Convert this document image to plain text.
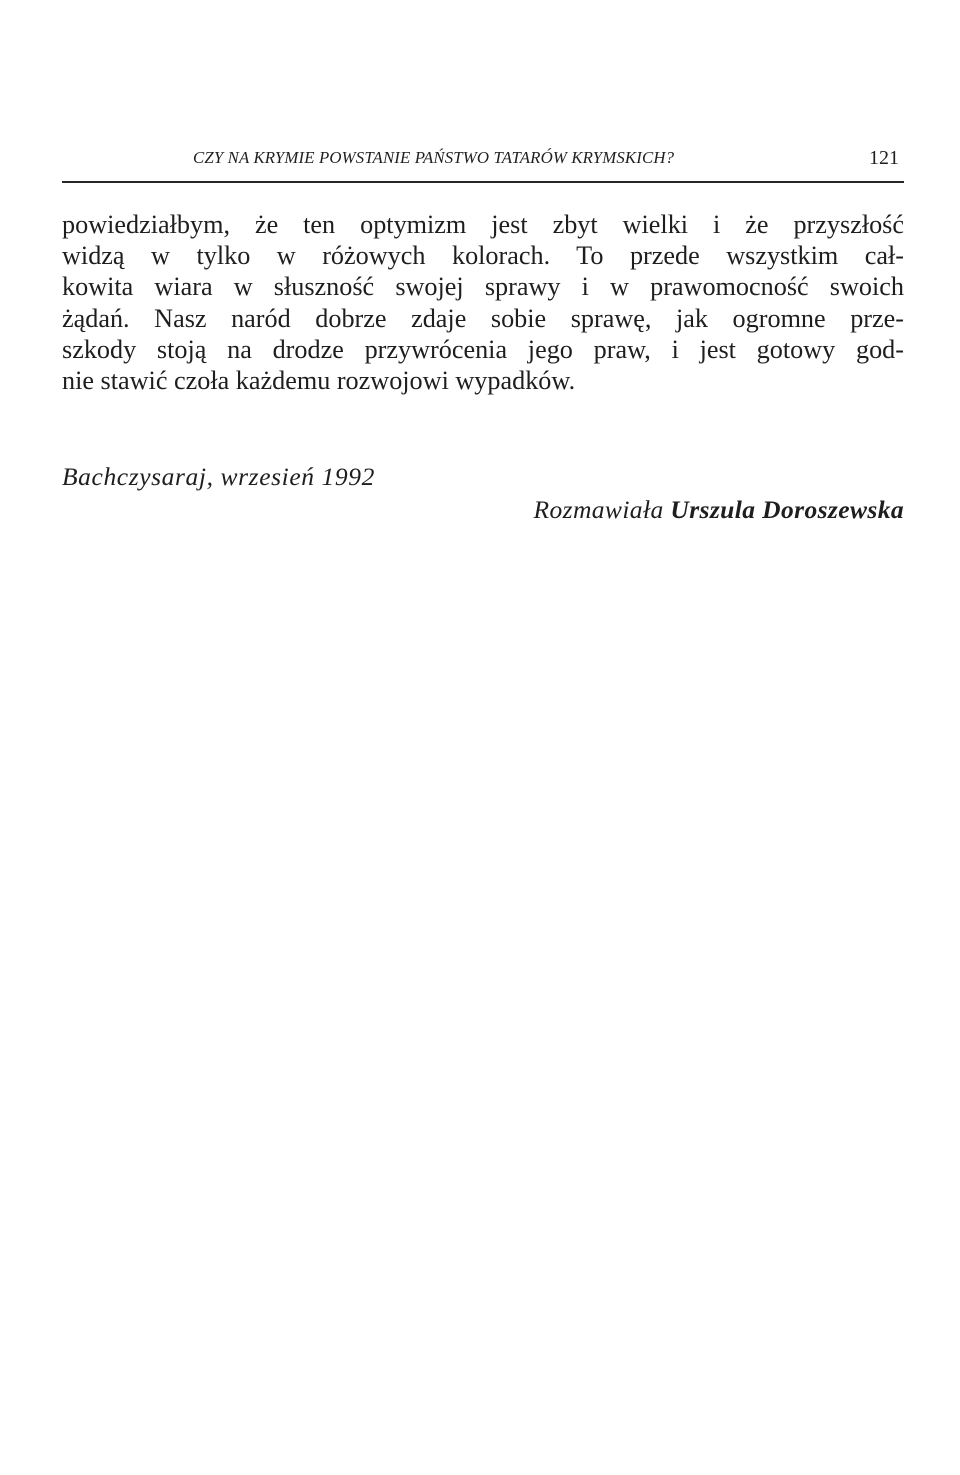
CZY NA KRYMIE POWSTANIE PAŃSTWO TATARÓW KRYMSKICH?	121
powiedziałbym, że ten optymizm jest zbyt wielki i że przyszłość
widzą w tylko w różowych kolorach. To przede wszystkim cał-
kowita wiara w słuszność swojej sprawy i w prawomocność swoich
żądań. Nasz naród dobrze zdaje sobie sprawę, jak ogromne prze-
szkody stoją na drodze przywrócenia jego praw, i jest gotowy god-
nie stawić czoła każdemu rozwojowi wypadków.
Bachczysaraj, wrzesień 1992
Rozmawiała Urszula Doroszewska
